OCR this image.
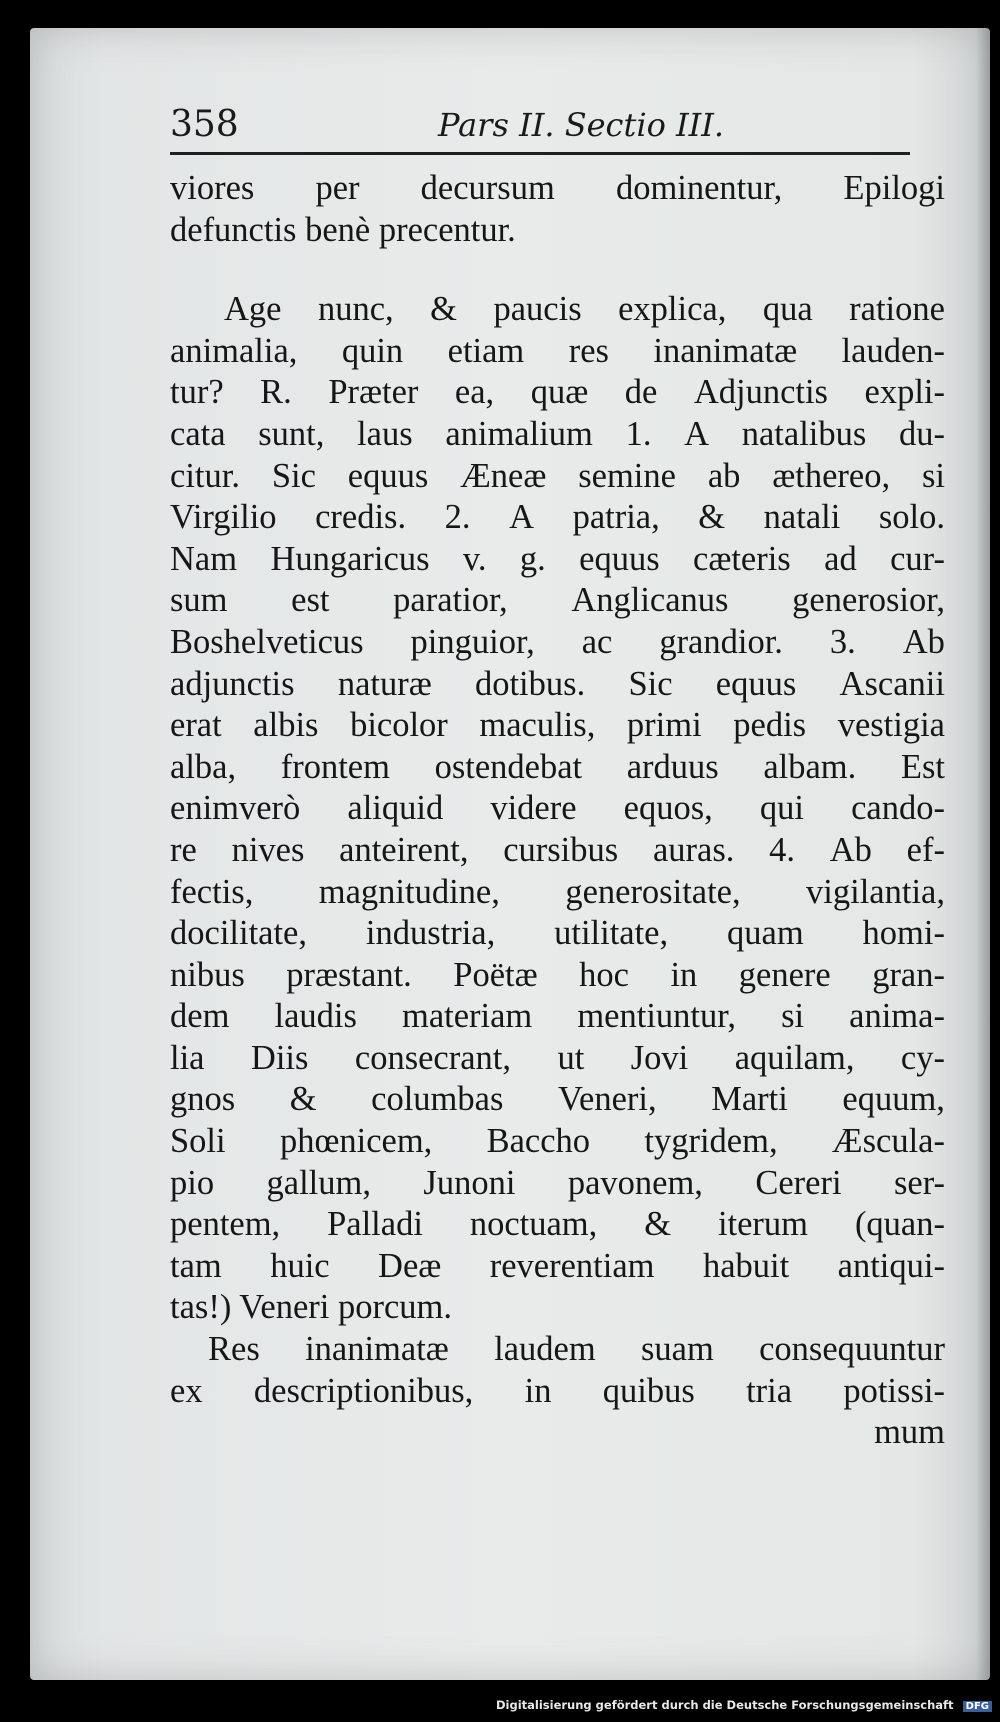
358	Pars II. Sectio III.
viores per decursum dominentur, Epilogi
defunctis benè precentur.
Age nunc, & paucis explica, qua ratione
animalia, quin etiam res inanimatæ lauden-
tur? R. Præter ea, quæ de Adjunctis expli-
cata sunt, laus animalium 1. A natalibus du-
citur. Sic equus Æneæ semine ab æthereo, si
Virgilio credis. 2. A patria, & natali solo.
Nam Hungaricus v. g. equus cæteris ad cur-
sum est paratior, Anglicanus generosior,
Boshelveticus pinguior, ac grandior. 3. Ab
adjunctis naturæ dotibus. Sic equus Ascanii
erat albis bicolor maculis, primi pedis vestigia
alba, frontem ostendebat arduus albam. Est
enimverò aliquid videre equos, qui cando-
re nives anteirent, cursibus auras. 4. Ab ef-
fectis, magnitudine, generositate, vigilantia,
docilitate, industria, utilitate, quam homi-
nibus præstant. Poëtæ hoc in genere gran-
dem laudis materiam mentiuntur, si anima-
lia Diis consecrant, ut Jovi aquilam, cy-
gnos & columbas Veneri, Marti equum,
Soli phœnicem, Baccho tygridem, Æscula-
pio gallum, Junoni pavonem, Cereri ser-
pentem, Palladi noctuam, & iterum (quan-
tam huic Deæ reverentiam habuit antiqui-
tas!) Veneri porcum.
Res inanimatæ laudem suam consequuntur
ex descriptionibus, in quibus tria potissi-
mum
Digitalisierung gefördert durch die Deutsche Forschungsgemeinschaft DFG
